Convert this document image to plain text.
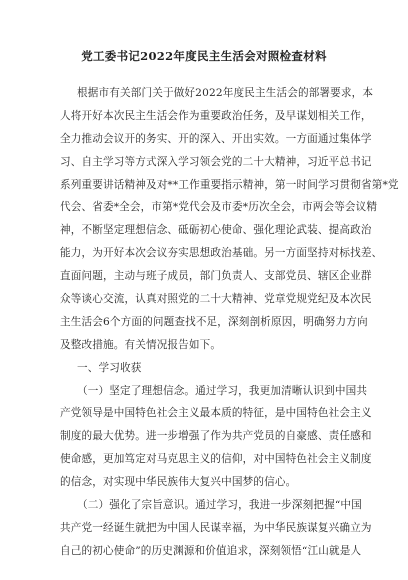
党工委书记2022年度民主生活会对照检查材料
根据市有关部门关于做好2022年度民主生活会的部署要求，本
人将开好本次民主生活会作为重要政治任务，及早谋划相关工作，
全力推动会议开的务实、开的深入、开出实效。一方面通过集体学
习、自主学习等方式深入学习领会党的二十大精神，习近平总书记
系列重要讲话精神及对**工作重要指示精神，第一时间学习贯彻省第*党
代会、省委*全会，市第*党代会及市委*历次全会，市两会等会议精
神，不断坚定理想信念、砥砺初心使命、强化理论武装、提高政治
能力，为开好本次会议夯实思想政治基础。另一方面坚持对标找差、
直面问题，主动与班子成员，部门负责人、支部党员、辖区企业群
众等谈心交流，认真对照党的二十大精神、党章党规党纪及本次民
主生活会6个方面的问题查找不足，深刻剖析原因，明确努力方向
及整改措施。有关情况报告如下。
一、学习收获
（一）坚定了理想信念。通过学习，我更加清晰认识到中国共
产党领导是中国特色社会主义最本质的特征，是中国特色社会主义
制度的最大优势。进一步增强了作为共产党员的自豪感、责任感和
使命感，更加笃定对马克思主义的信仰，对中国特色社会主义制度
的信念，对实现中华民族伟大复兴中国梦的信心。
（二）强化了宗旨意识。通过学习，我进一步深刻把握“中国
共产党一经诞生就把为中国人民谋幸福，为中华民族谋复兴确立为
自己的初心使命”的历史渊源和价值追求，深刻领悟“江山就是人
